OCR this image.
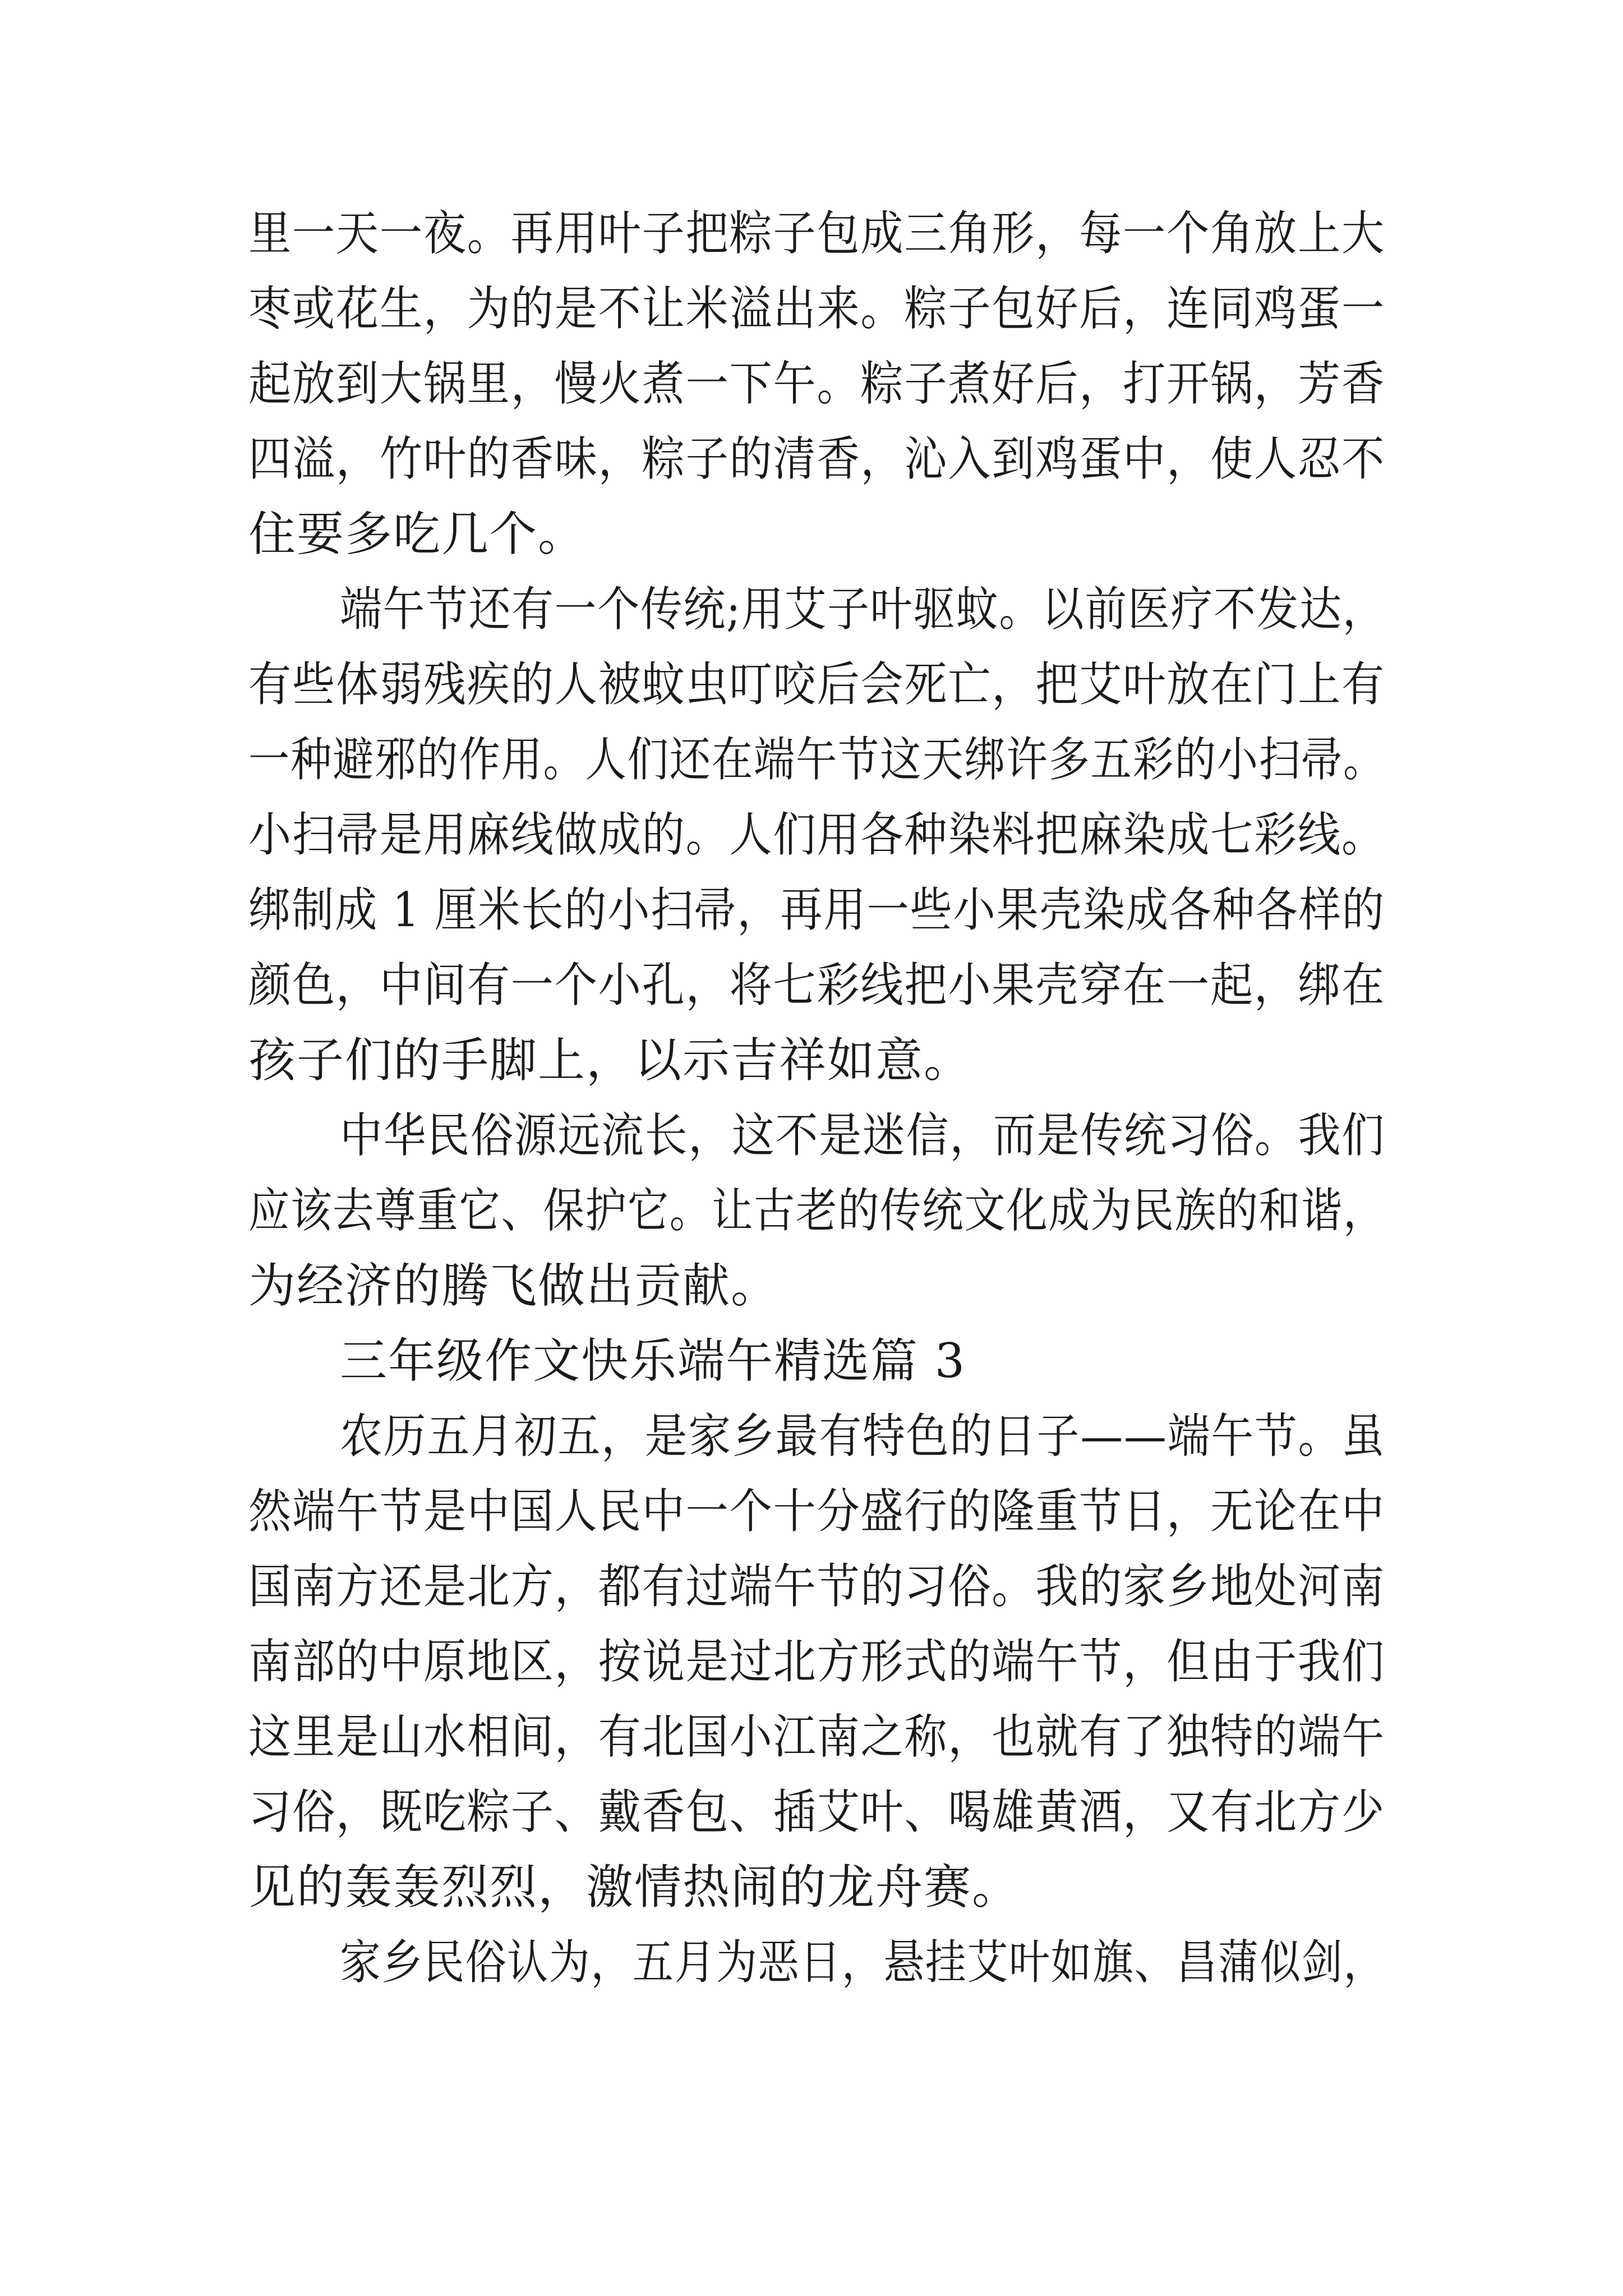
里一天一夜。再用叶子把粽子包成三角形，每一个角放上大

枣或花生，为的是不让米溢出来。粽子包好后，连同鸡蛋一

起放到大锅里，慢火煮一下午。粽子煮好后，打开锅，芳香

四溢，竹叶的香味，粽子的清香，沁入到鸡蛋中，使人忍不

住要多吃几个。

端午节还有一个传统;用艾子叶驱蚊。以前医疗不发达，

有些体弱残疾的人被蚊虫叮咬后会死亡，把艾叶放在门上有

一种避邪的作用。人们还在端午节这天绑许多五彩的小扫帚。

小扫帚是用麻线做成的。人们用各种染料把麻染成七彩线。

绑制成 1 厘米长的小扫帚，再用一些小果壳染成各种各样的

颜色，中间有一个小孔，将七彩线把小果壳穿在一起，绑在

孩子们的手脚上，以示吉祥如意。

中华民俗源远流长，这不是迷信，而是传统习俗。我们

应该去尊重它、保护它。让古老的传统文化成为民族的和谐，

为经济的腾飞做出贡献。

三年级作文快乐端午精选篇 3

农历五月初五，是家乡最有特色的日子——端午节。虽

然端午节是中国人民中一个十分盛行的隆重节日，无论在中

国南方还是北方，都有过端午节的习俗。我的家乡地处河南

南部的中原地区，按说是过北方形式的端午节，但由于我们

这里是山水相间，有北国小江南之称，也就有了独特的端午

习俗，既吃粽子、戴香包、插艾叶、喝雄黄酒，又有北方少

见的轰轰烈烈，激情热闹的龙舟赛。

家乡民俗认为，五月为恶日，悬挂艾叶如旗、昌蒲似剑，
